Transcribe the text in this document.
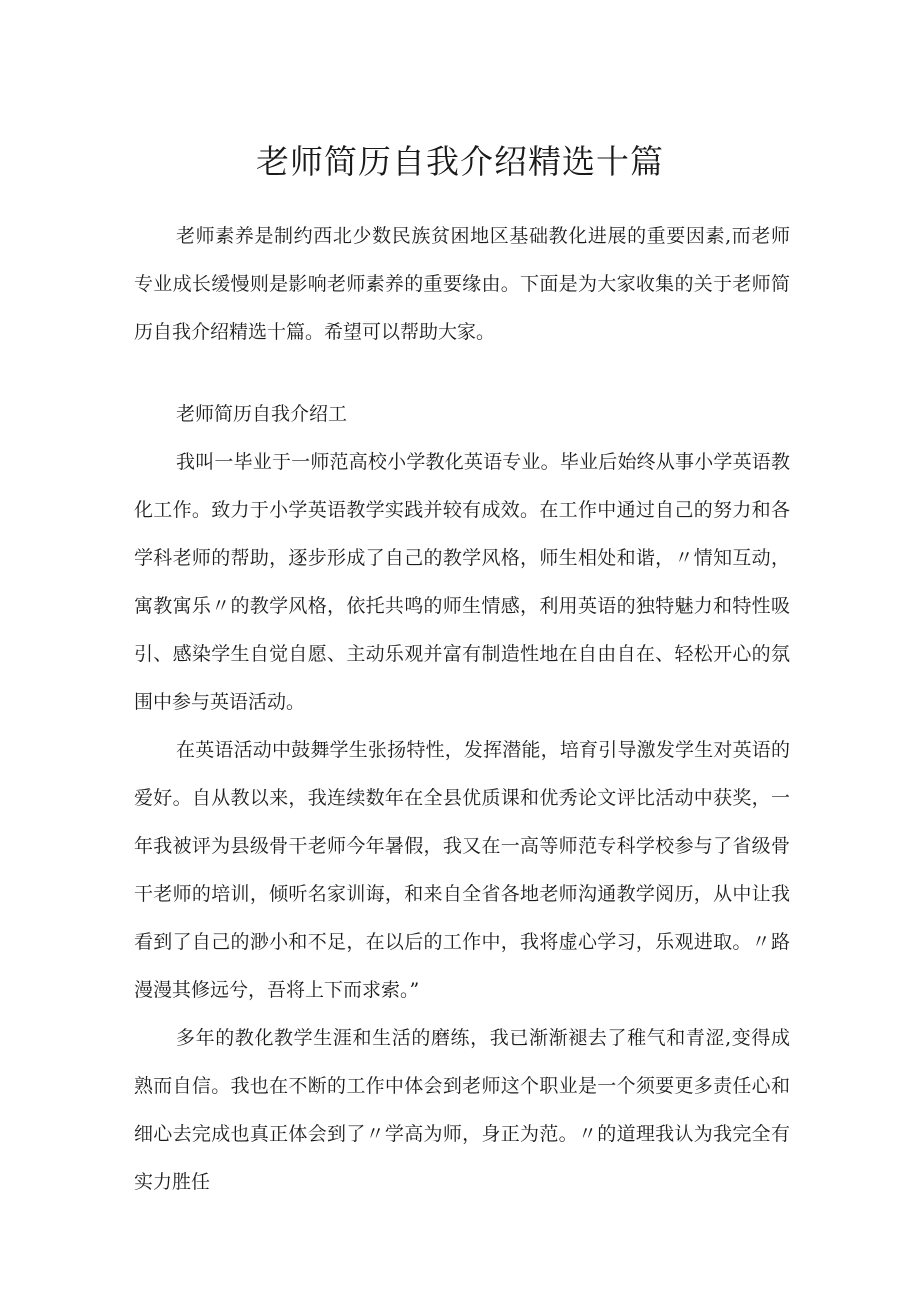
老师简历自我介绍精选十篇

老师素养是制约西北少数民族贫困地区基础教化进展的重要因素,而老师专业成长缓慢则是影响老师素养的重要缘由。下面是为大家收集的关于老师简历自我介绍精选十篇。希望可以帮助大家。

老师简历自我介绍工

我叫一毕业于一师范高校小学教化英语专业。毕业后始终从事小学英语教化工作。致力于小学英语教学实践并较有成效。在工作中通过自己的努力和各学科老师的帮助，逐步形成了自己的教学风格，师生相处和谐，〃情知互动，寓教寓乐〃的教学风格，依托共鸣的师生情感，利用英语的独特魅力和特性吸引、感染学生自觉自愿、主动乐观并富有制造性地在自由自在、轻松开心的氛围中参与英语活动。

在英语活动中鼓舞学生张扬特性，发挥潜能，培育引导激发学生对英语的爱好。自从教以来，我连续数年在全县优质课和优秀论文评比活动中获奖，一年我被评为县级骨干老师今年暑假，我又在一高等师范专科学校参与了省级骨干老师的培训，倾听名家训诲，和来自全省各地老师沟通教学阅历，从中让我看到了自己的渺小和不足，在以后的工作中，我将虚心学习，乐观进取。〃路漫漫其修远兮，吾将上下而求索。”

多年的教化教学生涯和生活的磨练，我已渐渐褪去了稚气和青涩,变得成熟而自信。我也在不断的工作中体会到老师这个职业是一个须要更多责任心和细心去完成也真正体会到了〃学高为师，身正为范。〃的道理我认为我完全有实力胜任
